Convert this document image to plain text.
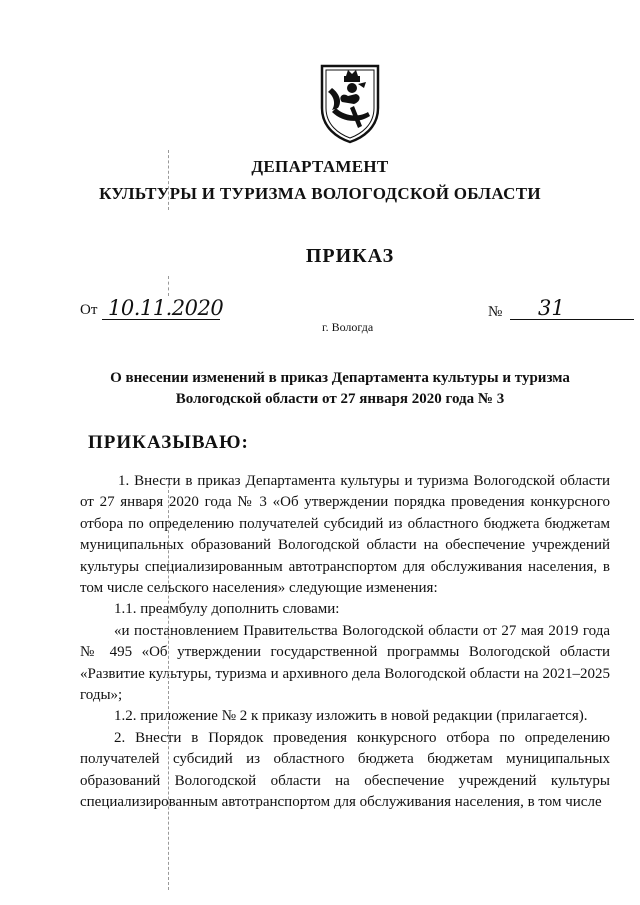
ДЕПАРТАМЕНТ
КУЛЬТУРЫ И ТУРИЗМА ВОЛОГОДСКОЙ ОБЛАСТИ
ПРИКАЗ
От 10.11.2020	№ 31
г. Вологда
О внесении изменений в приказ Департамента культуры и туризма
Вологодской области от 27 января 2020 года № 3
ПРИКАЗЫВАЮ:

1. Внести в приказ Департамента культуры и туризма Вологодской области от 27 января 2020 года № 3 «Об утверждении порядка проведения конкурсного отбора по определению получателей субсидий из областного бюджета бюджетам муниципальных образований Вологодской области на обеспечение учреждений культуры специализированным автотранспортом для обслуживания населения, в том числе сельского населения» следующие изменения:

1.1. преамбулу дополнить словами:

«и постановлением Правительства Вологодской области от 27 мая 2019 года № 495 «Об утверждении государственной программы Вологодской области «Развитие культуры, туризма и архивного дела Вологодской области на 2021–2025 годы»;

1.2. приложение № 2 к приказу изложить в новой редакции (прилагается).

2. Внести в Порядок проведения конкурсного отбора по определению получателей субсидий из областного бюджета бюджетам муниципальных образований Вологодской области на обеспечение учреждений культуры специализированным автотранспортом для обслуживания населения, в том числе
